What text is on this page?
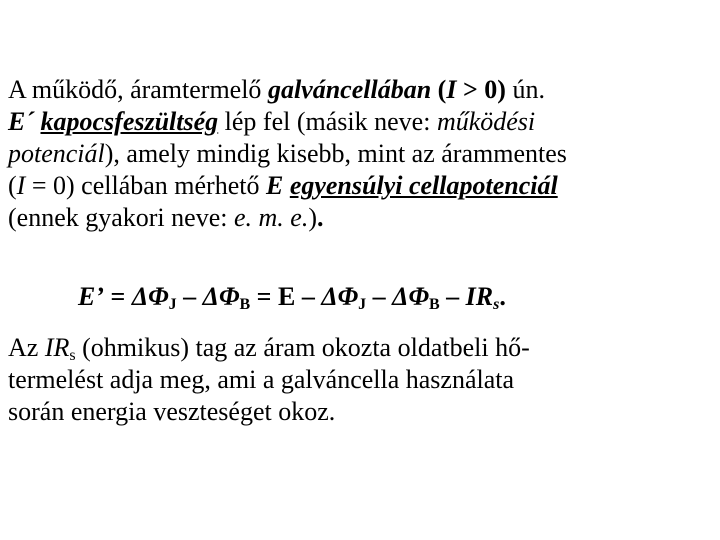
A működő, áramtermelő galváncellában (I > 0) ún.
E´ kapocsfeszültség lép fel (másik neve: működési
potenciál), amely mindig kisebb, mint az árammentes
(I = 0) cellában mérhető E egyensúlyi cellapotenciál
(ennek gyakori neve: e. m. e.).
E’ = $\Delta\Phi_J - \Delta\Phi_B = E - \Delta\Phi_J - \Delta\Phi_B - IR_s$.
Az $IR_s$ (ohmikus) tag az áram okozta oldatbeli hő-
termelést adja meg, ami a galváncella használata
során energia veszteséget okoz.
